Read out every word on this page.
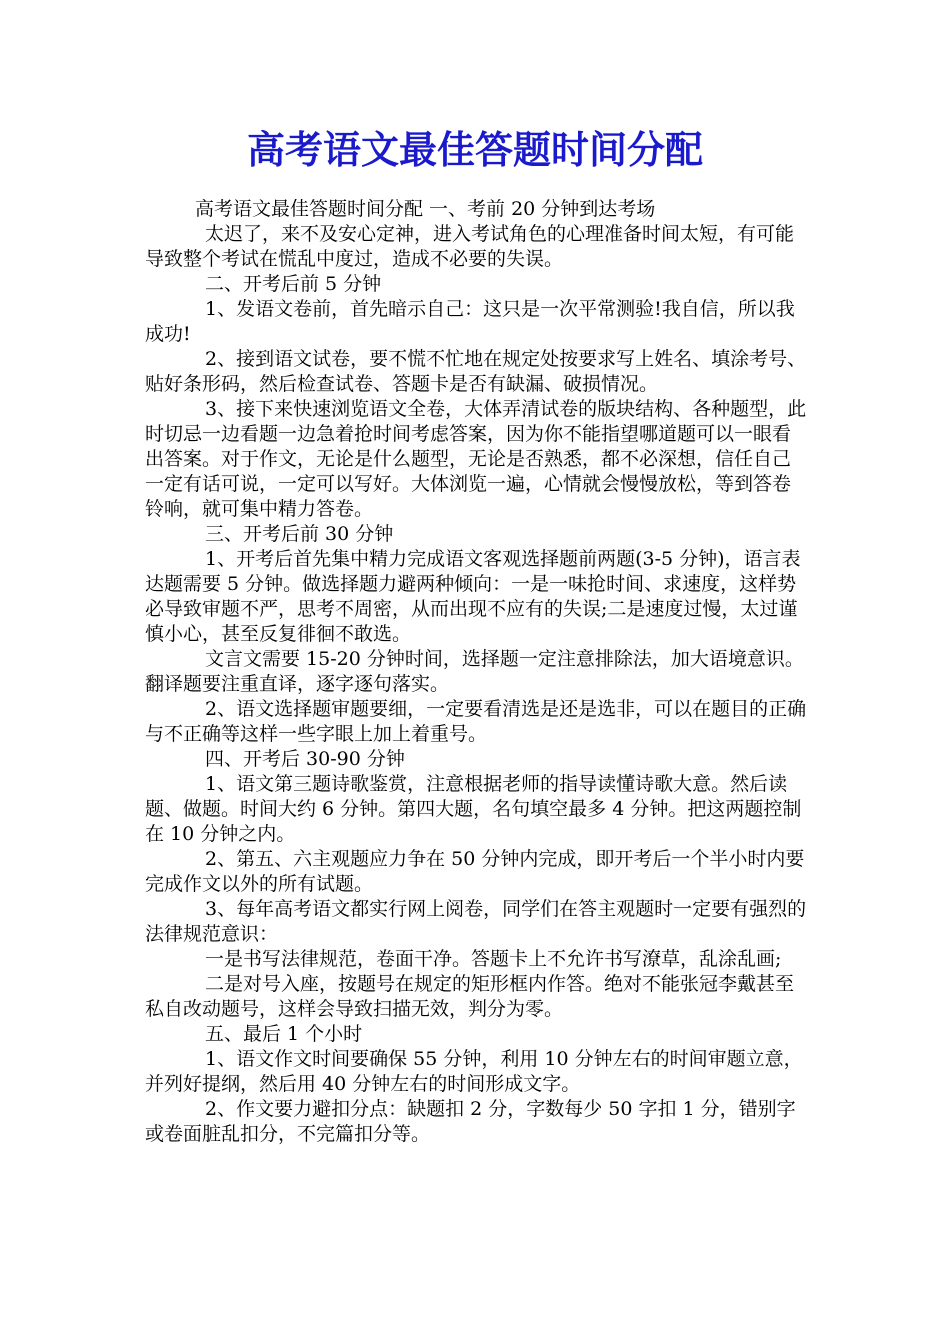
高考语文最佳答题时间分配

高考语文最佳答题时间分配 一、考前 20 分钟到达考场

太迟了，来不及安心定神，进入考试角色的心理准备时间太短，有可能导致整个考试在慌乱中度过，造成不必要的失误。

二、开考后前 5 分钟

1、发语文卷前，首先暗示自己：这只是一次平常测验!我自信，所以我成功!

2、接到语文试卷，要不慌不忙地在规定处按要求写上姓名、填涂考号、贴好条形码，然后检查试卷、答题卡是否有缺漏、破损情况。

3、接下来快速浏览语文全卷，大体弄清试卷的版块结构、各种题型，此时切忌一边看题一边急着抢时间考虑答案，因为你不能指望哪道题可以一眼看出答案。对于作文，无论是什么题型，无论是否熟悉，都不必深想，信任自己一定有话可说，一定可以写好。大体浏览一遍，心情就会慢慢放松，等到答卷铃响，就可集中精力答卷。

三、开考后前 30 分钟

1、开考后首先集中精力完成语文客观选择题前两题(3-5 分钟)，语言表达题需要 5 分钟。做选择题力避两种倾向：一是一味抢时间、求速度，这样势必导致审题不严，思考不周密，从而出现不应有的失误;二是速度过慢，太过谨慎小心，甚至反复徘徊不敢选。

文言文需要 15-20 分钟时间，选择题一定注意排除法，加大语境意识。翻译题要注重直译，逐字逐句落实。

2、语文选择题审题要细，一定要看清选是还是选非，可以在题目的正确与不正确等这样一些字眼上加上着重号。

四、开考后 30-90 分钟

1、语文第三题诗歌鉴赏，注意根据老师的指导读懂诗歌大意。然后读题、做题。时间大约 6 分钟。第四大题，名句填空最多 4 分钟。把这两题控制在 10 分钟之内。

2、第五、六主观题应力争在 50 分钟内完成，即开考后一个半小时内要完成作文以外的所有试题。

3、每年高考语文都实行网上阅卷，同学们在答主观题时一定要有强烈的法律规范意识：

一是书写法律规范，卷面干净。答题卡上不允许书写潦草，乱涂乱画;

二是对号入座，按题号在规定的矩形框内作答。绝对不能张冠李戴甚至私自改动题号，这样会导致扫描无效，判分为零。

五、最后 1 个小时

1、语文作文时间要确保 55 分钟，利用 10 分钟左右的时间审题立意，并列好提纲，然后用 40 分钟左右的时间形成文字。

2、作文要力避扣分点：缺题扣 2 分，字数每少 50 字扣 1 分，错别字或卷面脏乱扣分，不完篇扣分等。
